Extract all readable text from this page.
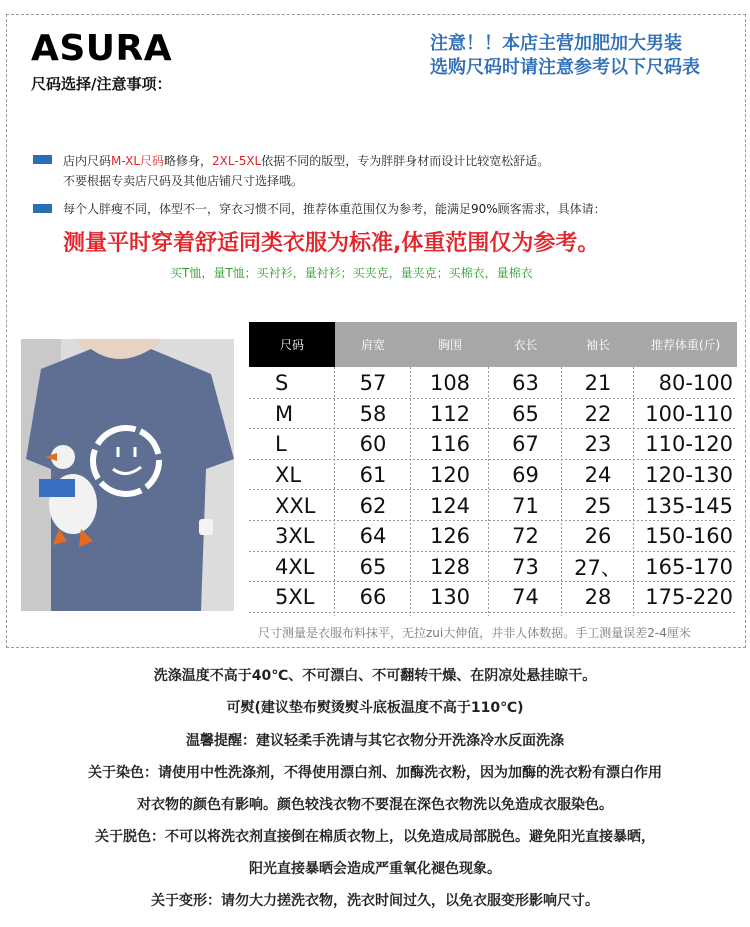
ASURA
尺码选择/注意事项：
注意！！本店主营加肥加大男装
选购尺码时请注意参考以下尺码表
店内尺码M-XL尺码略修身，2XL-5XL依据不同的版型，专为胖胖身材而设计比较宽松舒适。
不要根据专卖店尺码及其他店铺尺寸选择哦。
每个人胖瘦不同，体型不一，穿衣习惯不同，推荐体重范围仅为参考，能满足90%顾客需求，具体请：
测量平时穿着舒适同类衣服为标准,体重范围仅为参考。
买T恤，量T恤；买衬衫，量衬衫；买夹克，量夹克；买棉衣，量棉衣
尺码	肩宽	胸围	衣长	袖长	推荐体重(斤)
S	57	108	63	21	80-100
M	58	112	65	22	100-110
L	60	116	67	23	110-120
XL	61	120	69	24	120-130
XXL	62	124	71	25	135-145
3XL	64	126	72	26	150-160
4XL	65	128	73	27、	165-170
5XL	66	130	74	28	175-220
尺寸测量是衣服布料抹平，无拉zui大伸值，并非人体数据。手工测量误差2-4厘米
洗涤温度不高于40℃、不可漂白、不可翻转干燥、在阴凉处悬挂晾干。
可熨(建议垫布熨烫熨斗底板温度不高于110℃)
温馨提醒：建议轻柔手洗请与其它衣物分开洗涤冷水反面洗涤
关于染色：请使用中性洗涤剂，不得使用漂白剂、加酶洗衣粉，因为加酶的洗衣粉有漂白作用
对衣物的颜色有影响。颜色较浅衣物不要混在深色衣物洗以免造成衣服染色。
关于脱色：不可以将洗衣剂直接倒在棉质衣物上，以免造成局部脱色。避免阳光直接暴晒，
阳光直接暴晒会造成严重氧化褪色现象。
关于变形：请勿大力搓洗衣物，洗衣时间过久，以免衣服变形影响尺寸。
